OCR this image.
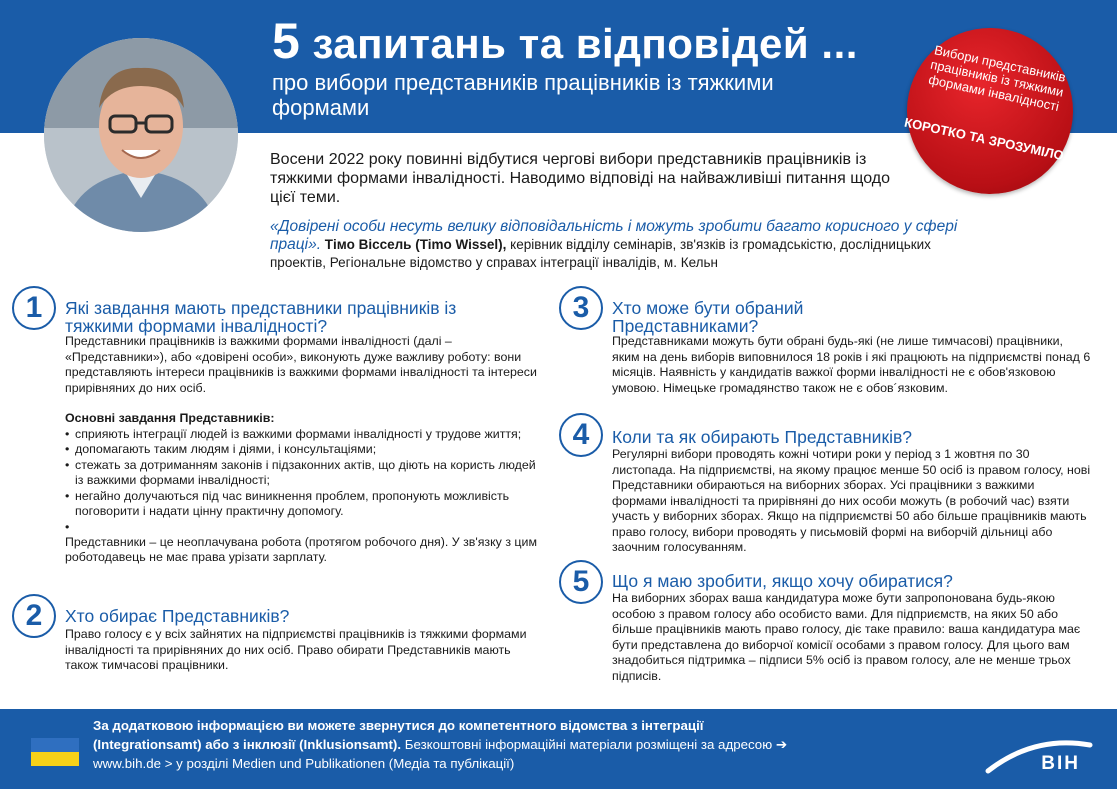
5 запитань та відповідей ...
про вибори представників працівників із тяжкими формами
Вибори представників працівників із тяжкими формами інвалідності
КОРОТКО ТА ЗРОЗУМІЛО
Восени 2022 року повинні відбутися чергові вибори представників працівників із тяжкими формами інвалідності. Наводимо відповіді на найважливіші питання щодо цієї теми.
«Довірені особи несуть велику відповідальність і можуть зробити багато корисного у сфері праці». Тімо Віссель (Timo Wissel), керівник відділу семінарів, зв'язків із громадськістю, дослідницьких проектів, Регіональне відомство у справах інтеграції інвалідів, м. Кельн
1	Які завдання мають представники працівників із тяжкими формами інвалідності?

Представники працівників із важкими формами інвалідності (далі – «Представники»), або «довірені особи», виконують дуже важливу роботу: вони представляють інтереси працівників із важкими формами інвалідності та інтереси прирівняних до них осіб.

Основні завдання Представників:

• сприяють інтеграції людей із важкими формами інвалідності у трудове життя;
• допомагають таким людям і діями, і консультаціями;
• стежать за дотриманням законів і підзаконних актів, що діють на користь людей із важкими формами інвалідності;
• негайно долучаються під час виникнення проблем, пропонують можливість поговорити і надати цінну практичну допомогу.
•

Представники – це неоплачувана робота (протягом робочого дня). У зв'язку з цим роботодавець не має права урізати зарплату.

2	Хто обирає Представників?
Право голосу є у всіх зайнятих на підприємстві працівників із тяжкими формами інвалідності та прирівняних до них осіб. Право обирати Представників мають також тимчасові працівники.
3	Хто може бути обраний Представниками?
Представниками можуть бути обрані будь-які (не лише тимчасові) працівники, яким на день виборів виповнилося 18 років і які працюють на підприємстві понад 6 місяців. Наявність у кандидатів важкої форми інвалідності не є обов'язковою умовою. Німецьке громадянство також не є обов´язковим.
4	Коли та як обирають Представників?
Регулярні вибори проводять кожні чотири роки у період з 1 жовтня по 30 листопада. На підприємстві, на якому працює менше 50 осіб із правом голосу, нові Представники обираються на виборних зборах. Усі працівники з важкими формами інвалідності та прирівняні до них особи можуть (в робочий час) взяти участь у виборних зборах. Якщо на підприємстві 50 або більше працівників мають право голосу, вибори проводять у письмовій формі на виборчій дільниці або заочним голосуванням.
5	Що я маю зробити, якщо хочу обиратися?
На виборних зборах ваша кандидатура може бути запропонована будь-якою особою з правом голосу або особисто вами. Для підприємств, на яких 50 або більше працівників мають право голосу, діє таке правило: ваша кандидатура має бути представлена до виборчої комісії особами з правом голосу. Для цього вам знадобиться підтримка – підписи 5% осіб із правом голосу, але не менше трьох підписів.
За додатковою інформацією ви можете звернутися до компетентного відомства з інтеграції (Integrationsamt) або з інклюзії (Inklusionsamt). Безкоштовні інформаційні матеріали розміщені за адресою ➔ www.bih.de > у розділі Medien und Publikationen (Медіа та публікації)	BIH
